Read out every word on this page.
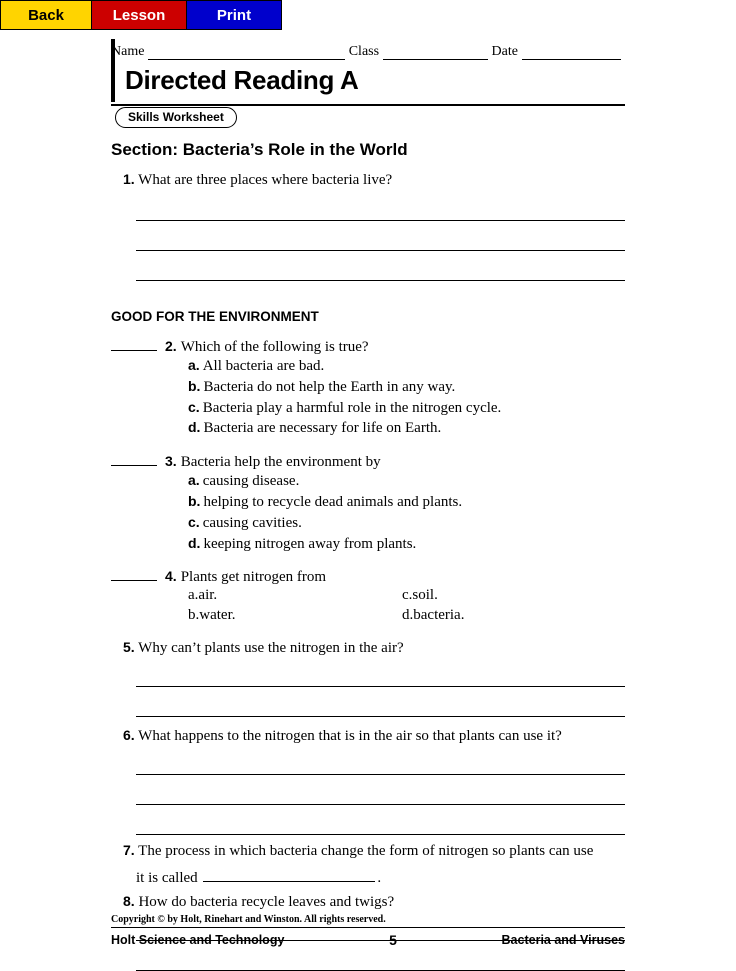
Back	Lesson	Print
Name	Class	Date
Skills Worksheet
Directed Reading A
Section: Bacteria’s Role in the World
1. What are three places where bacteria live?
GOOD FOR THE ENVIRONMENT
2. Which of the following is true?
a. All bacteria are bad.
b. Bacteria do not help the Earth in any way.
c. Bacteria play a harmful role in the nitrogen cycle.
d. Bacteria are necessary for life on Earth.
3. Bacteria help the environment by
a. causing disease.
b. helping to recycle dead animals and plants.
c. causing cavities.
d. keeping nitrogen away from plants.
4. Plants get nitrogen from
a.air.	c.soil.
b.water.	d.bacteria.
5. Why can’t plants use the nitrogen in the air?
6. What happens to the nitrogen that is in the air so that plants can use it?
7. The process in which bacteria change the form of nitrogen so plants can use
it is called	.
8. How do bacteria recycle leaves and twigs?
Copyright © by Holt, Rinehart and Winston. All rights reserved.
Holt Science and Technology	5	Bacteria and Viruses
